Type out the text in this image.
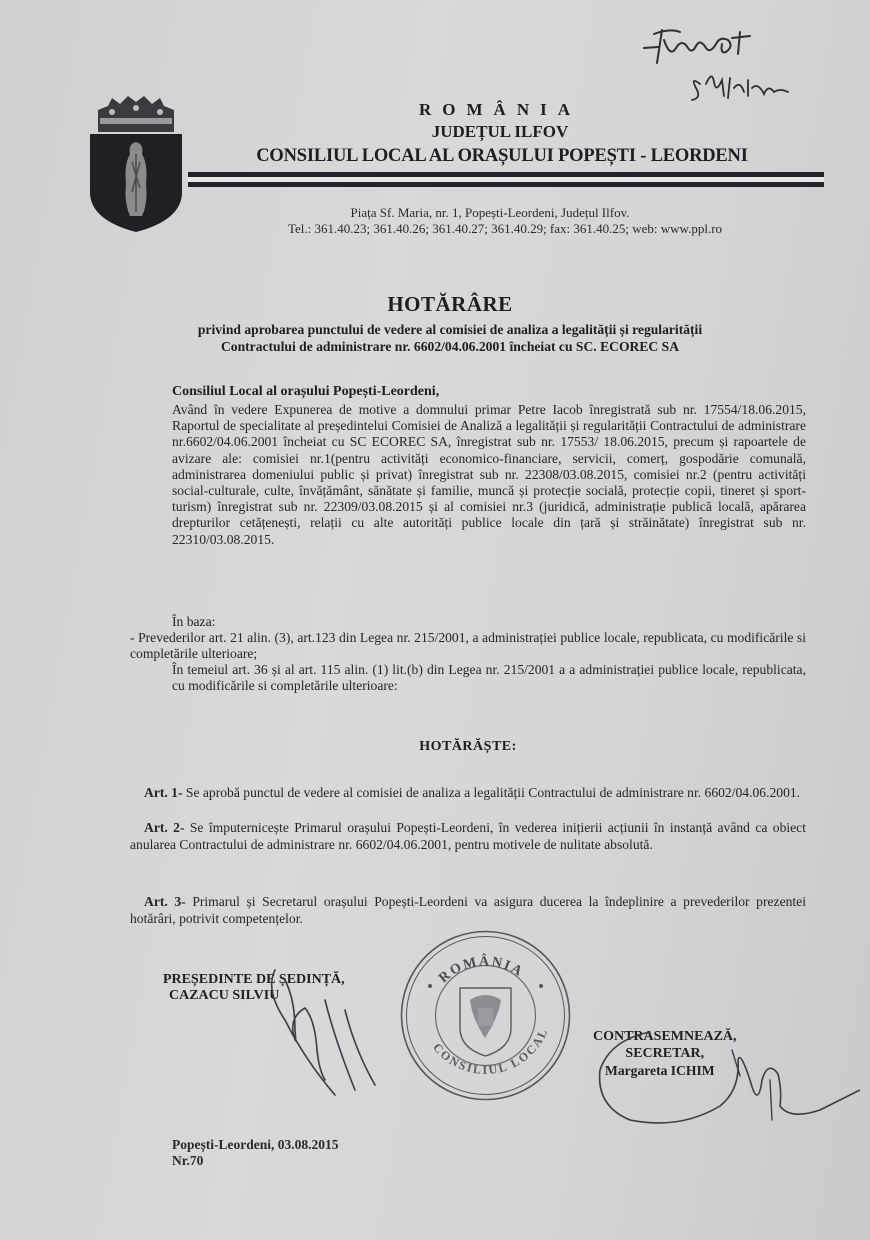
ROMÂNIA
JUDEȚUL ILFOV
CONSILIUL LOCAL AL ORAȘULUI POPEȘTI - LEORDENI
Piața Sf. Maria, nr. 1, Popești-Leordeni, Județul Ilfov.
Tel.: 361.40.23; 361.40.26; 361.40.27; 361.40.29; fax: 361.40.25; web: www.ppl.ro
HOTĂRÂRE
privind aprobarea punctului de vedere al comisiei de analiza a legalității și regularității
Contractului de administrare nr. 6602/04.06.2001 încheiat cu SC. ECOREC SA
Consiliul Local al orașului Popești-Leordeni,
Având în vedere Expunerea de motive a domnului primar Petre Iacob înregistrată sub nr. 17554/18.06.2015, Raportul de specialitate al președintelui Comisiei de Analiză a legalității și regularității Contractului de administrare nr.6602/04.06.2001 încheiat cu SC ECOREC SA, înregistrat sub nr. 17553/ 18.06.2015, precum și rapoartele de avizare ale: comisiei nr.1(pentru activități economico-financiare, servicii, comerț, gospodărie comunală, administrarea domeniului public și privat) înregistrat sub nr. 22308/03.08.2015, comisiei nr.2 (pentru activități social-culturale, culte, învățământ, sănătate și familie, muncă și protecție socială, protecție copii, tineret și sport-turism) înregistrat sub nr. 22309/03.08.2015 și al comisiei nr.3 (juridică, administrație publică locală, apărarea drepturilor cetățenești, relații cu alte autorități publice locale din țară și străinătate) înregistrat sub nr. 22310/03.08.2015.
În baza:
- Prevederilor art. 21 alin. (3), art.123 din Legea nr. 215/2001, a administrației publice locale, republicata, cu modificările si completările ulterioare;
În temeiul art. 36 și al art. 115 alin. (1) lit.(b) din Legea nr. 215/2001 a a administrației publice locale, republicata, cu modificările si completările ulterioare:
HOTĂRĂȘTE:
Art. 1- Se aprobă punctul de vedere al comisiei de analiza a legalității Contractului de administrare nr. 6602/04.06.2001.
Art. 2- Se împuternicește Primarul orașului Popești-Leordeni, în vederea inițierii acțiunii în instanță având ca obiect anularea Contractului de administrare nr. 6602/04.06.2001, pentru motivele de nulitate absolută.
Art. 3- Primarul și Secretarul orașului Popești-Leordeni va asigura ducerea la îndeplinire a prevederilor prezentei hotărâri, potrivit competențelor.
PREȘEDINTE DE ȘEDINȚĂ,
CAZACU SILVIU
ROMÂNIA
CONSILIUL LOCAL	CONTRASEMNEAZĂ,
SECRETAR,
Margareta ICHIM
Popești-Leordeni, 03.08.2015
Nr.70
